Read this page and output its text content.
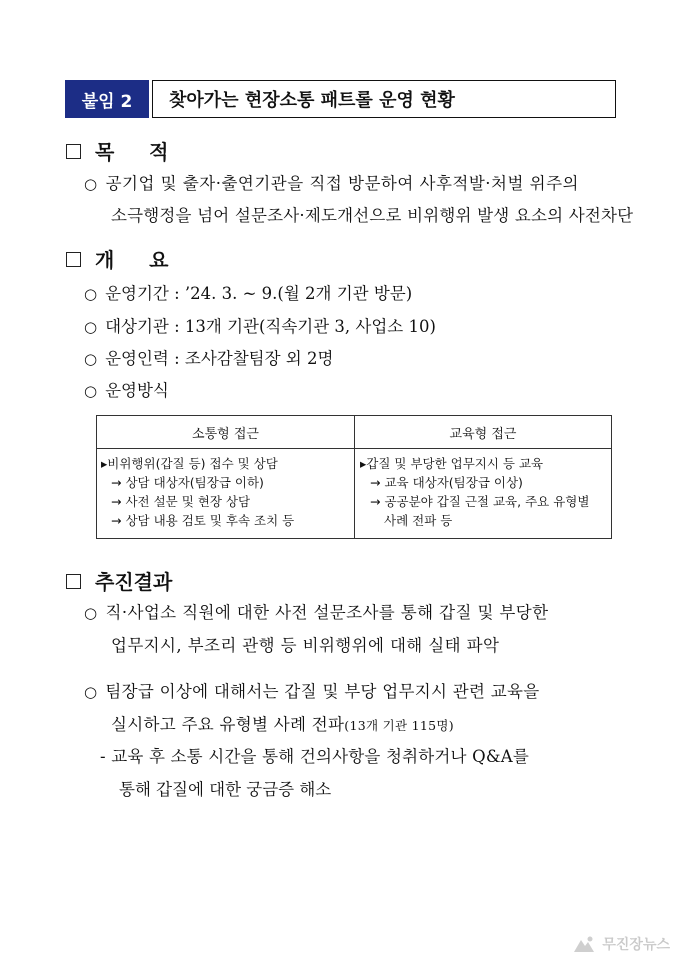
붙임 2	찾아가는 현장소통 패트롤 운영 현황
목     적
○ 공기업 및 출자·출연기관을 직접 방문하여 사후적발·처벌 위주의
소극행정을 넘어 설문조사·제도개선으로 비위행위 발생 요소의 사전차단
개     요
○ 운영기간 : ’24. 3. ~ 9.(월 2개 기관 방문)
○ 대상기관 : 13개 기관(직속기관 3, 사업소 10)
○ 운영인력 : 조사감찰팀장 외 2명
○ 운영방식
소통형 접근	교육형 접근
▸비위행위(갑질 등) 접수 및 상담
→ 상담 대상자(팀장급 이하)
→ 사전 설문 및 현장 상담
→ 상담 내용 검토 및 후속 조치 등
▸갑질 및 부당한 업무지시 등 교육
→ 교육 대상자(팀장급 이상)
→ 공공분야 갑질 근절 교육, 주요 유형별
사례 전파 등
추진결과
○ 직·사업소 직원에 대한 사전 설문조사를 통해 갑질 및 부당한
업무지시, 부조리 관행 등 비위행위에 대해 실태 파악
○ 팀장급 이상에 대해서는 갑질 및 부당 업무지시 관련 교육을
실시하고 주요 유형별 사례 전파(13개 기관 115명)
- 교육 후 소통 시간을 통해 건의사항을 청취하거나 Q&A를
통해 갑질에 대한 궁금증 해소
무진장뉴스
